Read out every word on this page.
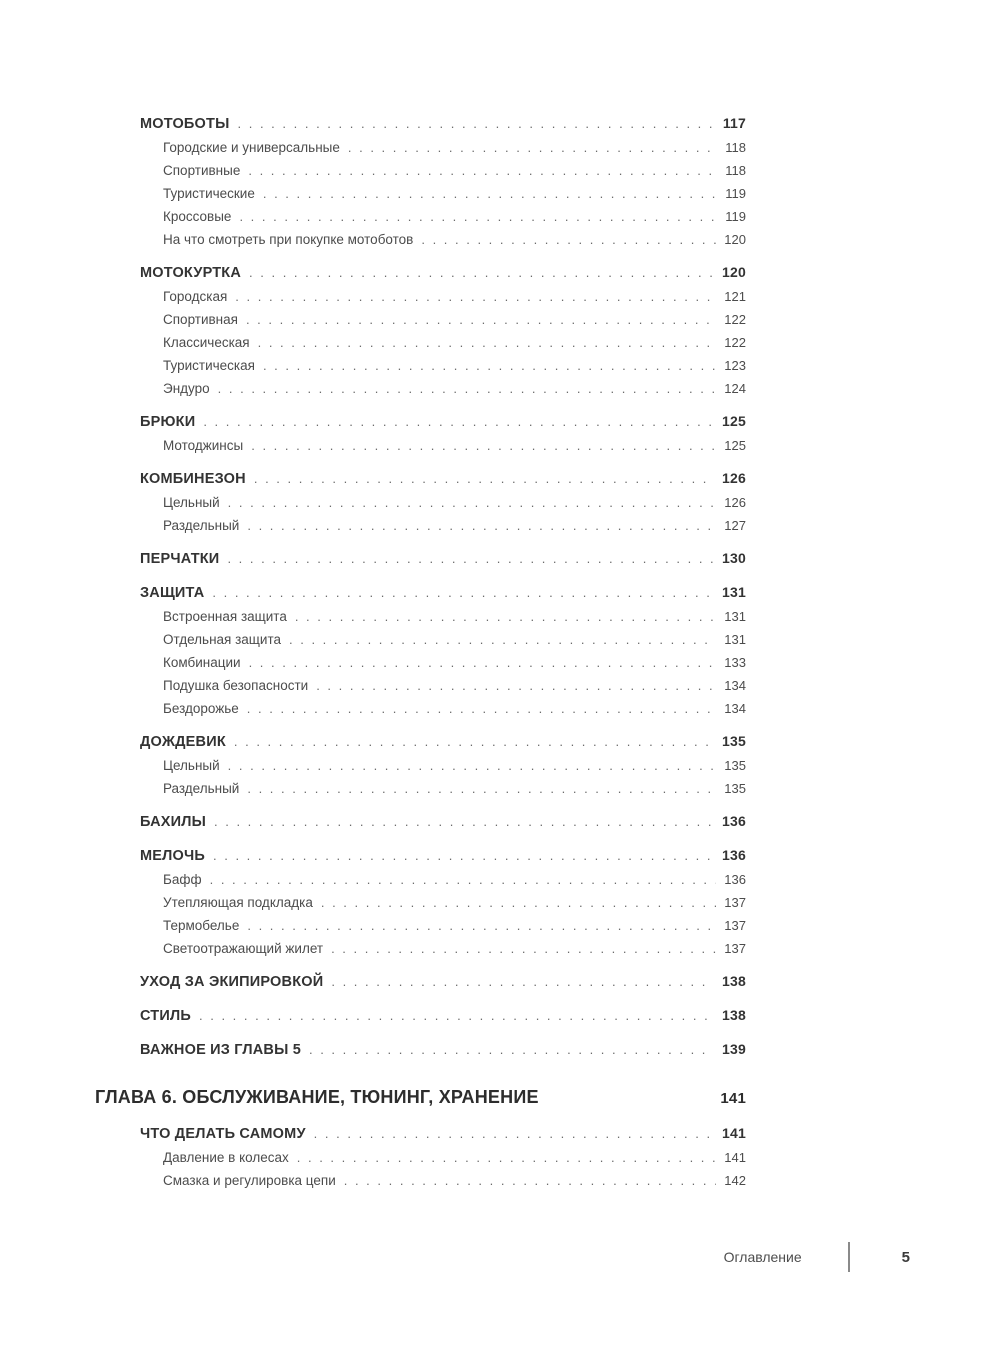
МОТОБОТЫ . . .	117
Городские и универсальные . . .	118
Спортивные . . .	118
Туристические . . .	119
Кроссовые . . .	119
На что смотреть при покупке мотоботов . . .	120
МОТОКУРТКА . . .	120
Городская . . .	121
Спортивная . . .	122
Классическая . . .	122
Туристическая . . .	123
Эндуро . . .	124
БРЮКИ . . .	125
Мотоджинсы . . .	125
КОМБИНЕЗОН . . .	126
Цельный . . .	126
Раздельный . . .	127
ПЕРЧАТКИ . . .	130
ЗАЩИТА . . .	131
Встроенная защита . . .	131
Отдельная защита . . .	131
Комбинации . . .	133
Подушка безопасности . . .	134
Бездорожье . . .	134
ДОЖДЕВИК . . .	135
Цельный . . .	135
Раздельный . . .	135
БАХИЛЫ . . .	136
МЕЛОЧЬ . . .	136
Бафф . . .	136
Утепляющая подкладка . . .	137
Термобелье . . .	137
Светоотражающий жилет . . .	137
УХОД ЗА ЭКИПИРОВКОЙ . . .	138
СТИЛЬ . . .	138
ВАЖНОЕ ИЗ ГЛАВЫ 5 . . .	139
ГЛАВА 6. ОБСЛУЖИВАНИЕ, ТЮНИНГ, ХРАНЕНИЕ	141
ЧТО ДЕЛАТЬ САМОМУ . . .	141
Давление в колесах . . .	141
Смазка и регулировка цепи . . .	142
Оглавление	5
